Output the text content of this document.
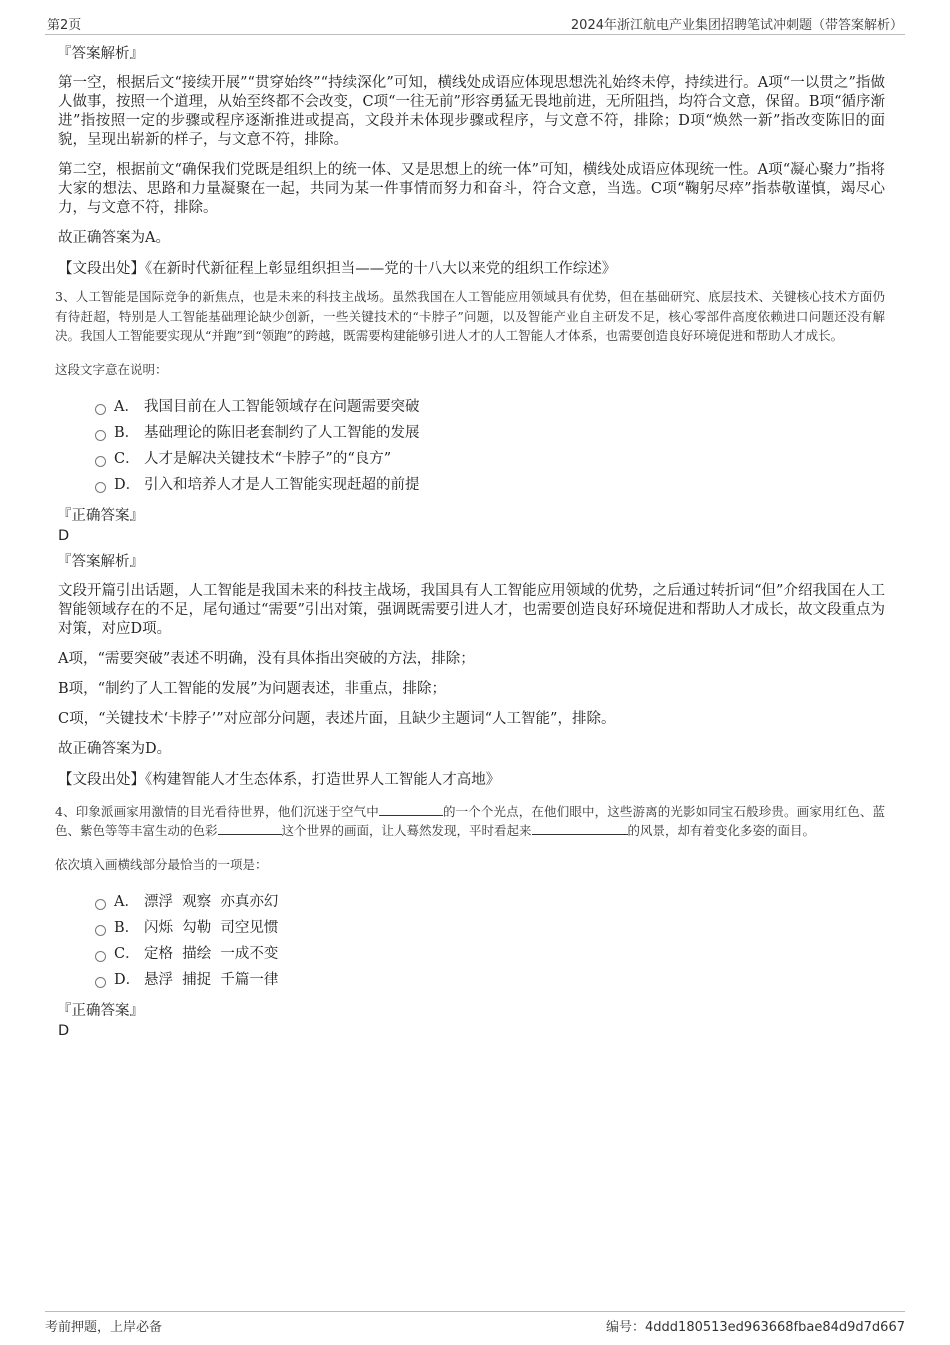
第2页	2024年浙江航电产业集团招聘笔试冲刺题（带答案解析）
『答案解析』

第一空，根据后文“接续开展”“贯穿始终”“持续深化”可知，横线处成语应体现思想洗礼始终未停，持续进行。A项“一以贯之”指做人做事，按照一个道理，从始至终都不会改变，C项“一往无前”形容勇猛无畏地前进，无所阻挡，均符合文意，保留。B项“循序渐进”指按照一定的步骤或程序逐渐推进或提高，文段并未体现步骤或程序，与文意不符，排除；D项“焕然一新”指改变陈旧的面貌，呈现出崭新的样子，与文意不符，排除。

第二空，根据前文“确保我们党既是组织上的统一体、又是思想上的统一体”可知，横线处成语应体现统一性。A项“凝心聚力”指将大家的想法、思路和力量凝聚在一起，共同为某一件事情而努力和奋斗，符合文意，当选。C项“鞠躬尽瘁”指恭敬谨慎，竭尽心力，与文意不符，排除。

故正确答案为A。

【文段出处】《在新时代新征程上彰显组织担当——党的十八大以来党的组织工作综述》

3、人工智能是国际竞争的新焦点，也是未来的科技主战场。虽然我国在人工智能应用领域具有优势，但在基础研究、底层技术、关键核心技术方面仍有待赶超，特别是人工智能基础理论缺少创新，一些关键技术的“卡脖子”问题，以及智能产业自主研发不足，核心零部件高度依赖进口问题还没有解决。我国人工智能要实现从“并跑”到“领跑”的跨越，既需要构建能够引进人才的人工智能人才体系，也需要创造良好环境促进和帮助人才成长。

这段文字意在说明：
A． 我国目前在人工智能领域存在问题需要突破
B． 基础理论的陈旧老套制约了人工智能的发展
C． 人才是解决关键技术“卡脖子”的“良方”
D． 引入和培养人才是人工智能实现赶超的前提
『正确答案』
D
『答案解析』

文段开篇引出话题，人工智能是我国未来的科技主战场，我国具有人工智能应用领域的优势，之后通过转折词“但”介绍我国在人工智能领域存在的不足，尾句通过“需要”引出对策，强调既需要引进人才，也需要创造良好环境促进和帮助人才成长，故文段重点为对策，对应D项。

A项，“需要突破”表述不明确，没有具体指出突破的方法，排除；

B项，“制约了人工智能的发展”为问题表述，非重点，排除；

C项，“关键技术‘卡脖子’”对应部分问题，表述片面，且缺少主题词“人工智能”，排除。

故正确答案为D。

【文段出处】《构建智能人才生态体系，打造世界人工智能人才高地》

4、印象派画家用激情的目光看待世界，他们沉迷于空气中	的一个个光点，在他们眼中，这些游离的光影如同宝石般珍贵。画家用红色、蓝色、紫色等等丰富生动的色彩	这个世界的画面，让人蓦然发现，平时看起来	的风景，却有着变化多姿的面目。

依次填入画横线部分最恰当的一项是：
A． 漂浮  观察  亦真亦幻
B． 闪烁  勾勒  司空见惯
C． 定格  描绘  一成不变
D． 悬浮  捕捉  千篇一律
『正确答案』
D
考前押题，上岸必备	编号：4ddd180513ed963668fbae84d9d7d667
